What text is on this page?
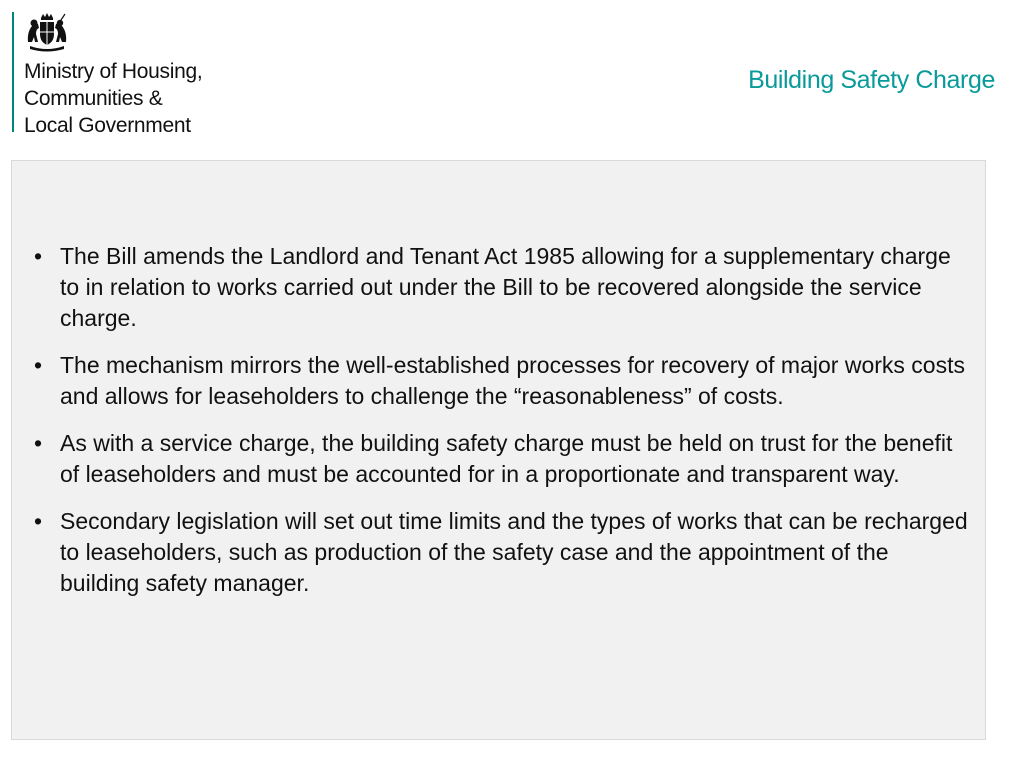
Ministry of Housing,
Communities &
Local Government
Building Safety Charge
• The Bill amends the Landlord and Tenant Act 1985 allowing for a supplementary charge to in relation to works carried out under the Bill to be recovered alongside the service charge.
• The mechanism mirrors the well-established processes for recovery of major works costs and allows for leaseholders to challenge the “reasonableness” of costs.
• As with a service charge, the building safety charge must be held on trust for the benefit of leaseholders and must be accounted for in a proportionate and transparent way.
• Secondary legislation will set out time limits and the types of works that can be recharged to leaseholders, such as production of the safety case and the appointment of the building safety manager.
